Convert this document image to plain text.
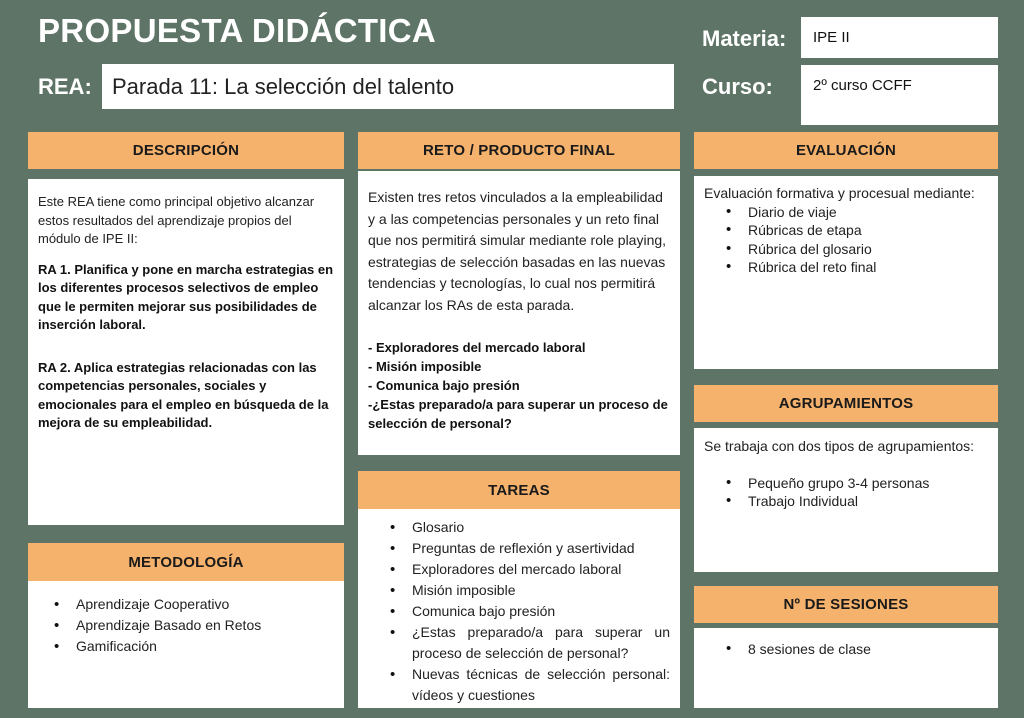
PROPUESTA DIDÁCTICA
REA: Parada 11: La selección del talento
Materia:	IPE II
Curso:	2º curso CCFF
DESCRIPCIÓN

Este REA tiene como principal objetivo alcanzar estos resultados del aprendizaje propios del módulo de IPE II:

RA 1. Planifica y pone en marcha estrategias en los diferentes procesos selectivos de empleo que le permiten mejorar sus posibilidades de inserción laboral.

RA 2. Aplica estrategias relacionadas con las competencias personales, sociales y emocionales para el empleo en búsqueda de la mejora de su empleabilidad.

METODOLOGÍA
• Aprendizaje Cooperativo
• Aprendizaje Basado en Retos
• Gamificación
RETO / PRODUCTO FINAL

Existen tres retos vinculados a la empleabilidad y a las competencias personales y un reto final que nos permitirá simular mediante role playing, estrategias de selección basadas en las nuevas tendencias y tecnologías, lo cual nos permitirá alcanzar los RAs de esta parada.

- Exploradores del mercado laboral

- Misión imposible

- Comunica bajo presión

-¿Estas preparado/a para superar un proceso de selección de personal?

TAREAS
• Glosario
• Preguntas de reflexión y asertividad
• Exploradores del mercado laboral
• Misión imposible
• Comunica bajo presión
• ¿Estas preparado/a para superar un proceso de selección de personal?
• Nuevas técnicas de selección personal: vídeos y cuestiones
EVALUACIÓN

Evaluación formativa y procesual mediante:

• Diario de viaje
• Rúbricas de etapa
• Rúbrica del glosario
• Rúbrica del reto final
AGRUPAMIENTOS

Se trabaja con dos tipos de agrupamientos:

• Pequeño grupo 3-4 personas
• Trabajo Individual
Nº DE SESIONES
• 8 sesiones de clase
